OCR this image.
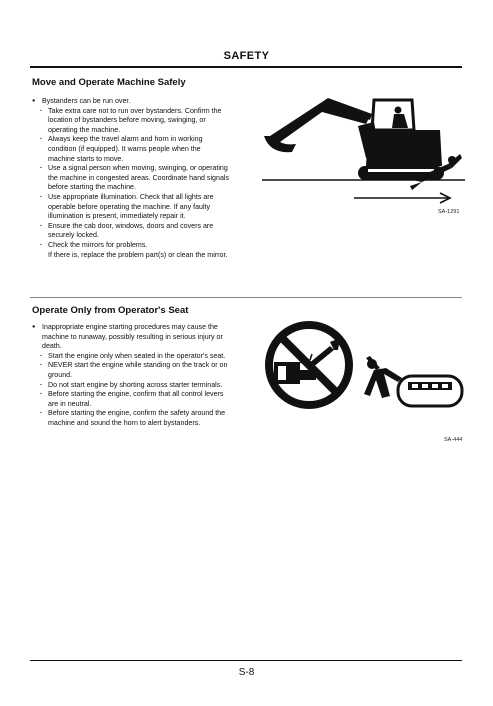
SAFETY
Move and Operate Machine Safely
● Bystanders can be run over.
· Take extra care not to run over bystanders. Confirm the
location of bystanders before moving, swinging, or
operating the machine.
· Always keep the travel alarm and horn in working
condition (if equipped). It warns people when the
machine starts to move.
· Use a signal person when moving, swinging, or operating
the machine in congested areas. Coordinate hand signals
before starting the machine.
· Use appropriate illumination. Check that all lights are
operable before operating the machine. If any faulty
illumination is present, immediately repair it.
· Ensure the cab door, windows, doors and covers are
securely locked.
· Check the mirrors for problems.
If there is, replace the problem part(s) or clean the mirror.
SA-1291
Operate Only from Operator's Seat
● Inappropriate engine starting procedures may cause the
machine to runaway, possibly resulting in serious injury or
death.
· Start the engine only when seated in the operator's seat.
· NEVER start the engine while standing on the track or on
ground.
· Do not start engine by shorting across starter terminals.
· Before starting the engine, confirm that all control levers
are in neutral.
· Before starting the engine, confirm the safety around the
machine and sound the horn to alert bystanders.
SA-444
S-8
